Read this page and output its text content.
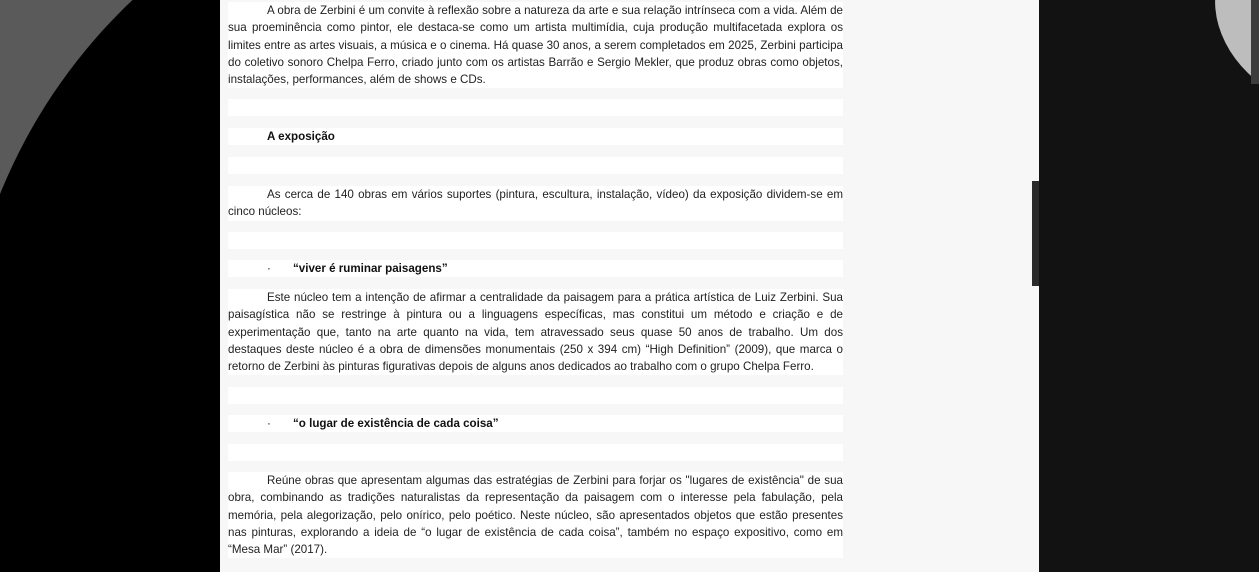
A obra de Zerbini é um convite à reflexão sobre a natureza da arte e sua relação intrínseca com a vida. Além de sua proeminência como pintor, ele destaca-se como um artista multimídia, cuja produção multifacetada explora os limites entre as artes visuais, a música e o cinema. Há quase 30 anos, a serem completados em 2025, Zerbini participa do coletivo sonoro Chelpa Ferro, criado junto com os artistas Barrão e Sergio Mekler, que produz obras como objetos, instalações, performances, além de shows e CDs.
A exposição
As cerca de 140 obras em vários suportes (pintura, escultura, instalação, vídeo) da exposição dividem-se em cinco núcleos:
· “viver é ruminar paisagens”
Este núcleo tem a intenção de afirmar a centralidade da paisagem para a prática artística de Luiz Zerbini. Sua paisagística não se restringe à pintura ou a linguagens específicas, mas constitui um método e criação e de experimentação que, tanto na arte quanto na vida, tem atravessado seus quase 50 anos de trabalho. Um dos destaques deste núcleo é a obra de dimensões monumentais (250 x 394 cm) “High Definition” (2009), que marca o retorno de Zerbini às pinturas figurativas depois de alguns anos dedicados ao trabalho com o grupo Chelpa Ferro.
· “o lugar de existência de cada coisa”
Reúne obras que apresentam algumas das estratégias de Zerbini para forjar os "lugares de existência" de sua obra, combinando as tradições naturalistas da representação da paisagem com o interesse pela fabulação, pela memória, pela alegorização, pelo onírico, pelo poético. Neste núcleo, são apresentados objetos que estão presentes nas pinturas, explorando a ideia de “o lugar de existência de cada coisa”, também no espaço expositivo, como em “Mesa Mar” (2017).
